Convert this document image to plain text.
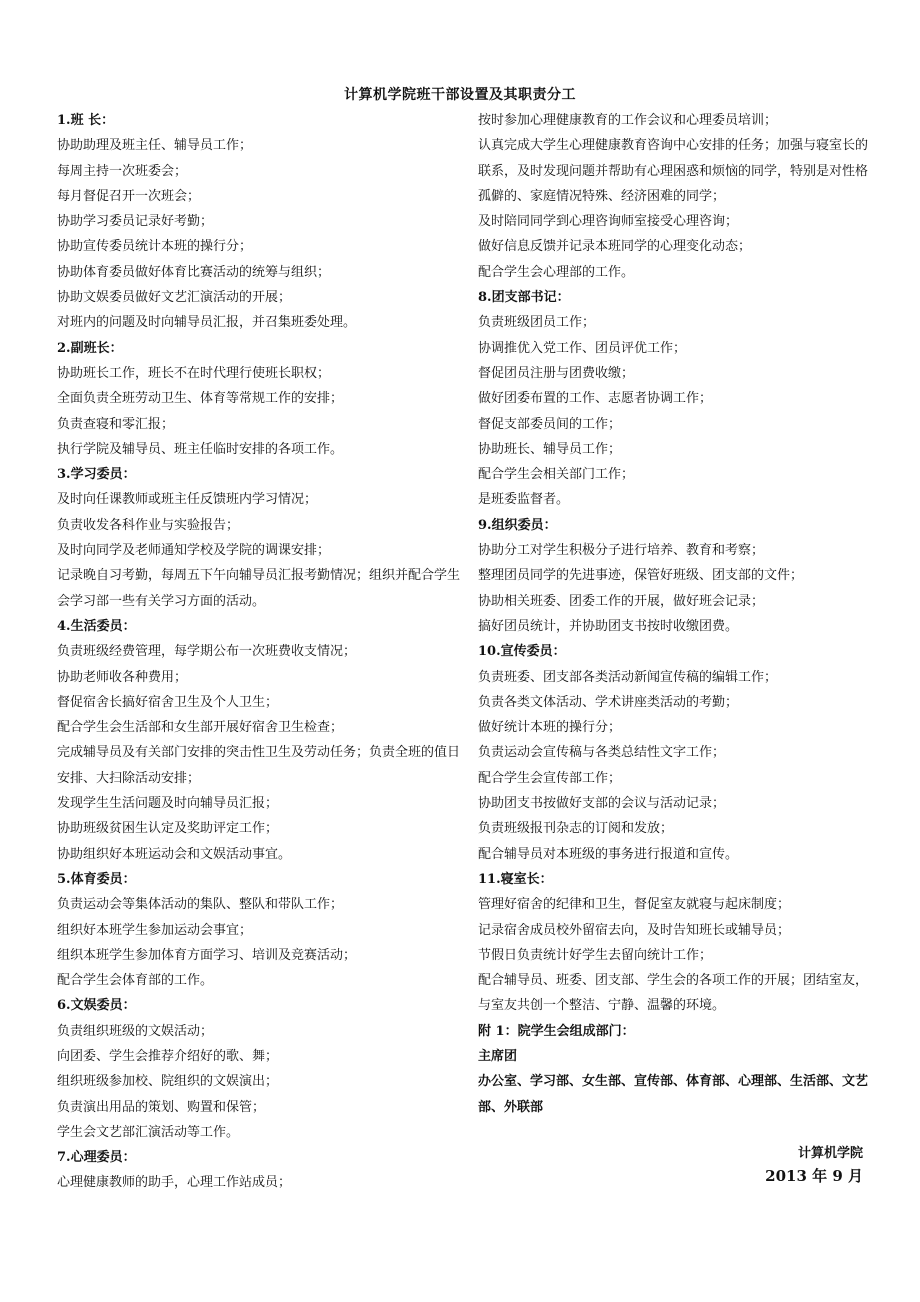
计算机学院班干部设置及其职责分工

1.班 长：

协助助理及班主任、辅导员工作；

每周主持一次班委会；

每月督促召开一次班会；

协助学习委员记录好考勤；

协助宣传委员统计本班的操行分；

协助体育委员做好体育比赛活动的统筹与组织；

协助文娱委员做好文艺汇演活动的开展；

对班内的问题及时向辅导员汇报，并召集班委处理。

2.副班长：

协助班长工作，班长不在时代理行使班长职权；

全面负责全班劳动卫生、体育等常规工作的安排；

负责查寝和零汇报；

执行学院及辅导员、班主任临时安排的各项工作。

3.学习委员：

及时向任课教师或班主任反馈班内学习情况；

负责收发各科作业与实验报告；

及时向同学及老师通知学校及学院的调课安排；

记录晚自习考勤，每周五下午向辅导员汇报考勤情况；组织并配合学生会学习部一些有关学习方面的活动。

4.生活委员：

负责班级经费管理，每学期公布一次班费收支情况；

协助老师收各种费用；

督促宿舍长搞好宿舍卫生及个人卫生；

配合学生会生活部和女生部开展好宿舍卫生检查；

完成辅导员及有关部门安排的突击性卫生及劳动任务；负责全班的值日安排、大扫除活动安排；

发现学生生活问题及时向辅导员汇报；

协助班级贫困生认定及奖助评定工作；

协助组织好本班运动会和文娱活动事宜。

5.体育委员：

负责运动会等集体活动的集队、整队和带队工作；

组织好本班学生参加运动会事宜；

组织本班学生参加体育方面学习、培训及竞赛活动；

配合学生会体育部的工作。

6.文娱委员：

负责组织班级的文娱活动；

向团委、学生会推荐介绍好的歌、舞；

组织班级参加校、院组织的文娱演出；

负责演出用品的策划、购置和保管；

学生会文艺部汇演活动等工作。

7.心理委员：

心理健康教师的助手，心理工作站成员；

按时参加心理健康教育的工作会议和心理委员培训；

认真完成大学生心理健康教育咨询中心安排的任务；加强与寝室长的联系，及时发现问题并帮助有心理困惑和烦恼的同学，特别是对性格孤僻的、家庭情况特殊、经济困难的同学；

及时陪同同学到心理咨询师室接受心理咨询；

做好信息反馈并记录本班同学的心理变化动态；

配合学生会心理部的工作。

8.团支部书记：

负责班级团员工作；

协调推优入党工作、团员评优工作；

督促团员注册与团费收缴；

做好团委布置的工作、志愿者协调工作；

督促支部委员间的工作；

协助班长、辅导员工作；

配合学生会相关部门工作；

是班委监督者。

9.组织委员：

协助分工对学生积极分子进行培养、教育和考察；

整理团员同学的先进事迹，保管好班级、团支部的文件；

协助相关班委、团委工作的开展，做好班会记录；

搞好团员统计，并协助团支书按时收缴团费。

10.宣传委员：

负责班委、团支部各类活动新闻宣传稿的编辑工作；

负责各类文体活动、学术讲座类活动的考勤；

做好统计本班的操行分；

负责运动会宣传稿与各类总结性文字工作；

配合学生会宣传部工作；

协助团支书按做好支部的会议与活动记录；

负责班级报刊杂志的订阅和发放；

配合辅导员对本班级的事务进行报道和宣传。

11.寝室长：

管理好宿舍的纪律和卫生，督促室友就寝与起床制度；

记录宿舍成员校外留宿去向，及时告知班长或辅导员；

节假日负责统计好学生去留向统计工作；

配合辅导员、班委、团支部、学生会的各项工作的开展；团结室友，与室友共创一个整洁、宁静、温馨的环境。

附 1：院学生会组成部门：

主席团

办公室、学习部、女生部、宣传部、体育部、心理部、生活部、文艺部、外联部

计算机学院
2013 年 9 月
